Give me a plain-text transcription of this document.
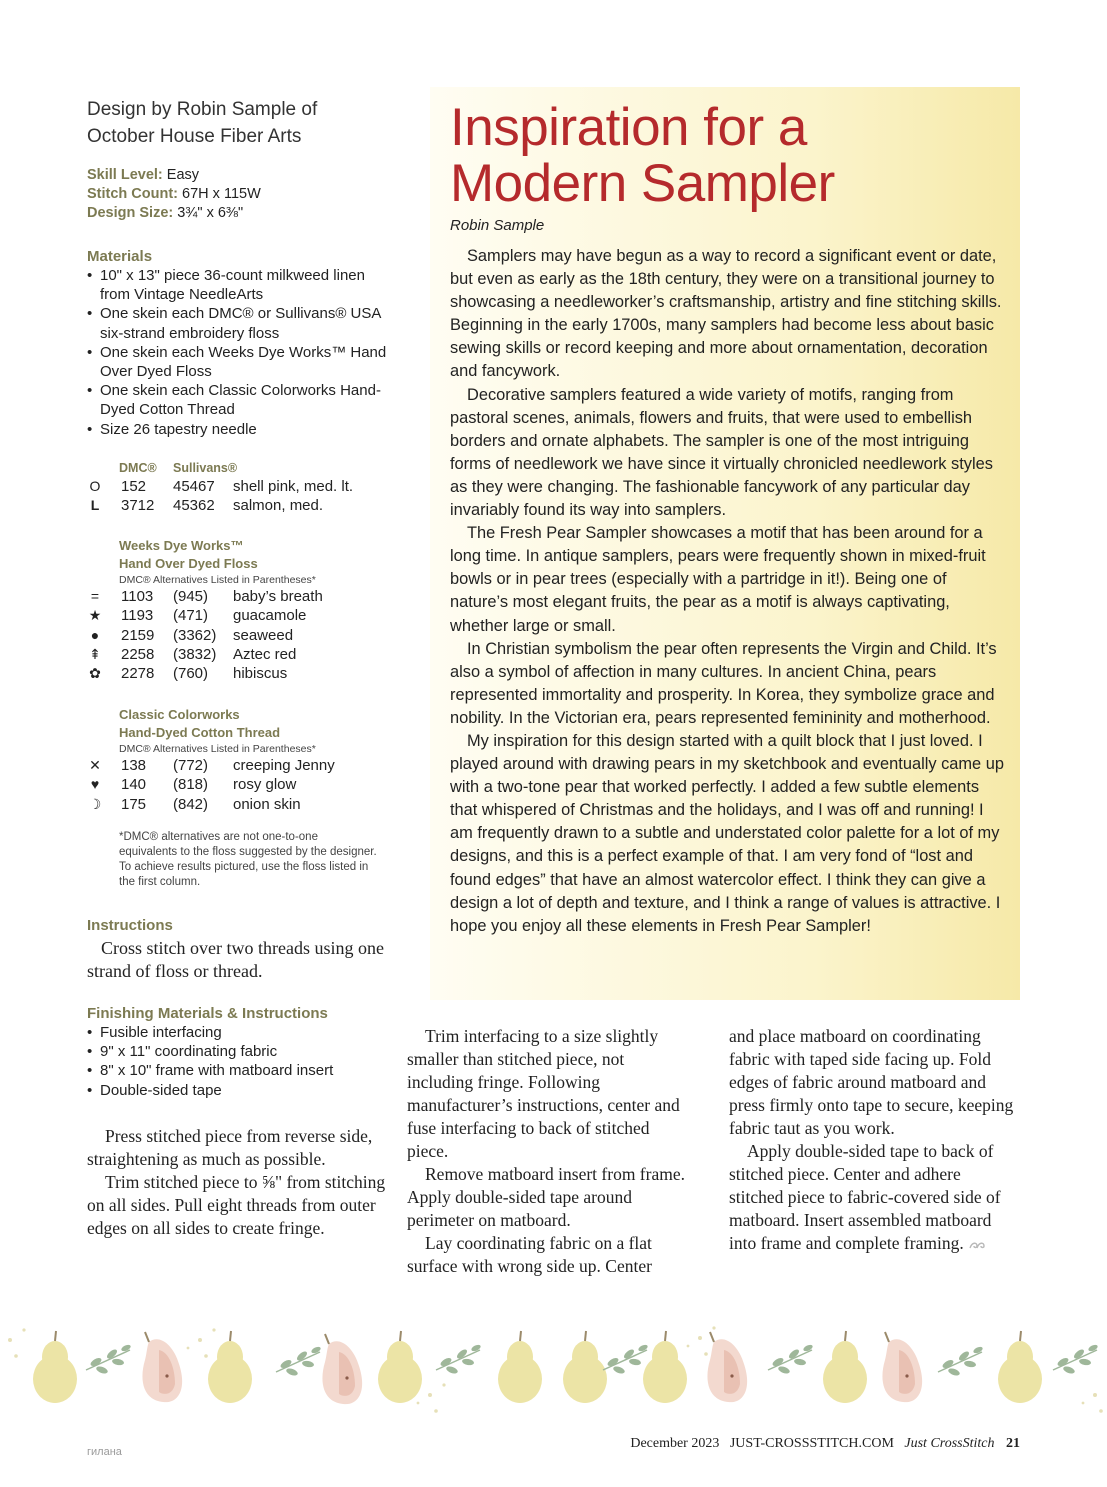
Design by Robin Sample of
October House Fiber Arts
Skill Level: Easy
Stitch Count: 67H x 115W
Design Size: 3¾" x 6⅜"
Materials
• 10" x 13" piece 36-count milkweed linen from Vintage NeedleArts
• One skein each DMC® or Sullivans® USA six-strand embroidery floss
• One skein each Weeks Dye Works™ Hand Over Dyed Floss
• One skein each Classic Colorworks Hand-Dyed Cotton Thread
• Size 26 tapestry needle
DMC® Sullivans®
O 152 45467 shell pink, med. lt.
L 3712 45362 salmon, med.
Weeks Dye Works™
Hand Over Dyed Floss
DMC® Alternatives Listed in Parentheses*
= 1103 (945) baby’s breath
★ 1193 (471) guacamole
● 2159 (3362) seaweed
⇞ 2258 (3832) Aztec red
✿ 2278 (760) hibiscus
Classic Colorworks
Hand-Dyed Cotton Thread
DMC® Alternatives Listed in Parentheses*
✕ 138 (772) creeping Jenny
♥ 140 (818) rosy glow
☽ 175 (842) onion skin
*DMC® alternatives are not one-to-one equivalents to the floss suggested by the designer. To achieve results pictured, use the floss listed in the first column.
Instructions
Cross stitch over two threads using one strand of floss or thread.
Finishing Materials & Instructions
• Fusible interfacing
• 9" x 11" coordinating fabric
• 8" x 10" frame with matboard insert
• Double-sided tape

Press stitched piece from reverse side, straightening as much as possible.

Trim stitched piece to ⅝" from stitching on all sides. Pull eight threads from outer edges on all sides to create fringe.

Trim interfacing to a size slightly smaller than stitched piece, not including fringe. Following manufacturer’s instructions, center and fuse interfacing to back of stitched piece.

Remove matboard insert from frame. Apply double-sided tape around perimeter on matboard.

Lay coordinating fabric on a flat surface with wrong side up. Center

and place matboard on coordinating fabric with taped side facing up. Fold edges of fabric around matboard and press firmly onto tape to secure, keeping fabric taut as you work.

Apply double-sided tape to back of stitched piece. Center and adhere stitched piece to fabric-covered side of matboard. Insert assembled matboard into frame and complete framing.

Inspiration for a
Modern Sampler
Robin Sample

Samplers may have begun as a way to record a significant event or date, but even as early as the 18th century, they were on a transitional journey to showcasing a needleworker’s craftsmanship, artistry and fine stitching skills. Beginning in the early 1700s, many samplers had become less about basic sewing skills or record keeping and more about ornamentation, decoration and fancywork.

Decorative samplers featured a wide variety of motifs, ranging from pastoral scenes, animals, flowers and fruits, that were used to embellish borders and ornate alphabets. The sampler is one of the most intriguing forms of needlework we have since it virtually chronicled needlework styles as they were changing. The fashionable fancywork of any particular day invariably found its way into samplers.

The Fresh Pear Sampler showcases a motif that has been around for a long time. In antique samplers, pears were frequently shown in mixed-fruit bowls or in pear trees (especially with a partridge in it!). Being one of nature’s most elegant fruits, the pear as a motif is always captivating, whether large or small.

In Christian symbolism the pear often represents the Virgin and Child. It’s also a symbol of affection in many cultures. In ancient China, pears represented immortality and prosperity. In Korea, they symbolize grace and nobility. In the Victorian era, pears represented femininity and motherhood.

My inspiration for this design started with a quilt block that I just loved. I played around with drawing pears in my sketchbook and eventually came up with a two-tone pear that worked perfectly. I added a few subtle elements that whispered of Christmas and the holidays, and I was off and running! I am frequently drawn to a subtle and understated color palette for a lot of my designs, and this is a perfect example of that. I am very fond of “lost and found edges” that have an almost watercolor effect. I think they can give a design a lot of depth and texture, and I think a range of values is attractive. I hope you enjoy all these elements in Fresh Pear Sampler!

December 2023 JUST-CROSSSTITCH.COM Just CrossStitch 21
гилана
